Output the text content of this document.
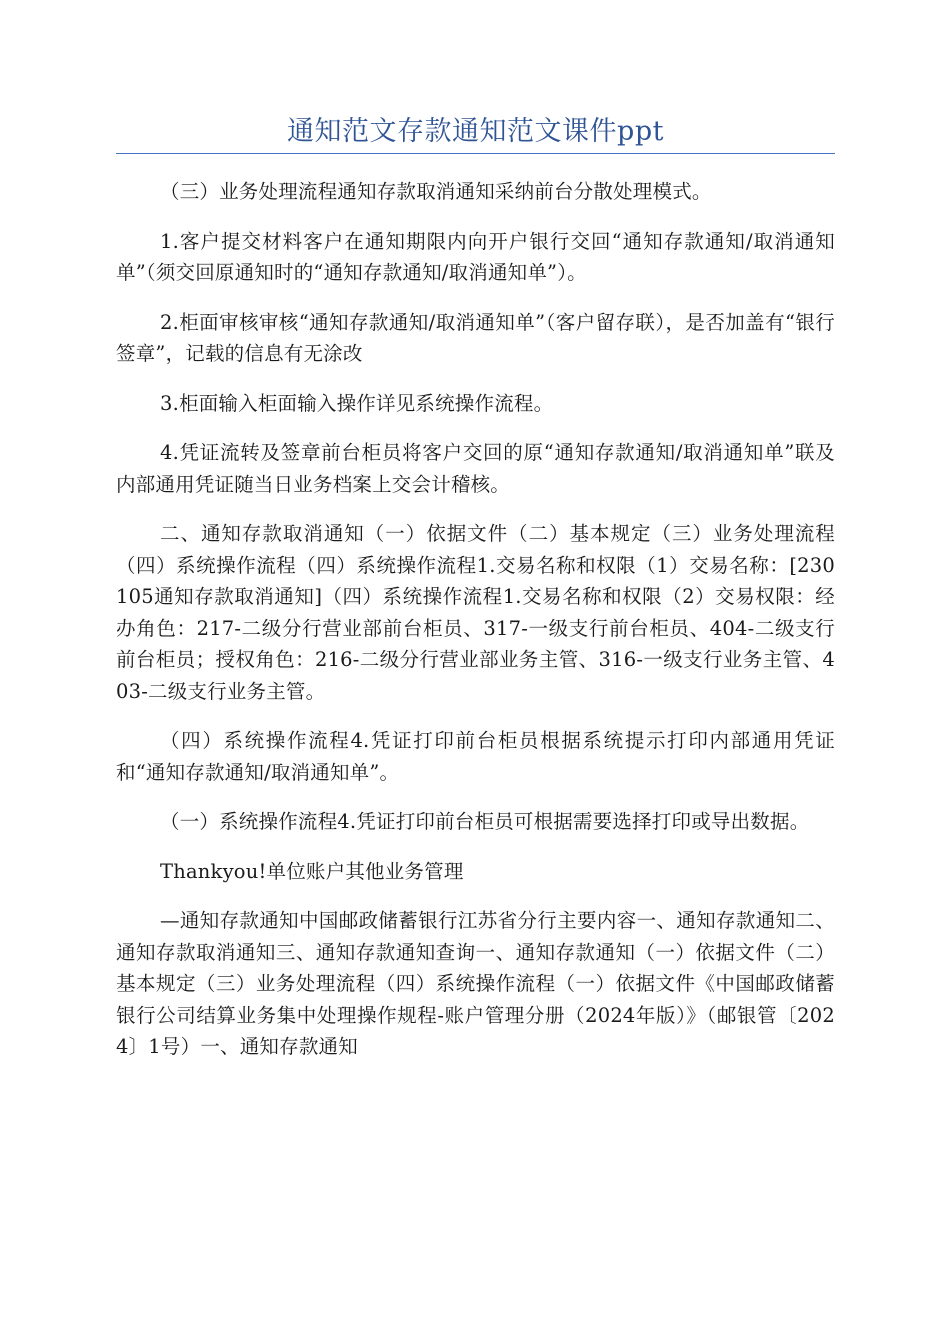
通知范文存款通知范文课件ppt

（三）业务处理流程通知存款取消通知采纳前台分散处理模式。

1.客户提交材料客户在通知期限内向开户银行交回“通知存款通知/取消通知单”（须交回原通知时的“通知存款通知/取消通知单”）。

2.柜面审核审核“通知存款通知/取消通知单”（客户留存联），是否加盖有“银行签章”，记载的信息有无涂改

3.柜面输入柜面输入操作详见系统操作流程。

4.凭证流转及签章前台柜员将客户交回的原“通知存款通知/取消通知单”联及内部通用凭证随当日业务档案上交会计稽核。

二、通知存款取消通知（一）依据文件（二）基本规定（三）业务处理流程（四）系统操作流程（四）系统操作流程1.交易名称和权限（1）交易名称：[230105通知存款取消通知]（四）系统操作流程1.交易名称和权限（2）交易权限：经办角色：217-二级分行营业部前台柜员、317-一级支行前台柜员、404-二级支行前台柜员；授权角色：216-二级分行营业部业务主管、316-一级支行业务主管、403-二级支行业务主管。

（四）系统操作流程4.凭证打印前台柜员根据系统提示打印内部通用凭证和“通知存款通知/取消通知单”。

（一）系统操作流程4.凭证打印前台柜员可根据需要选择打印或导出数据。

Thankyou!单位账户其他业务管理

—通知存款通知中国邮政储蓄银行江苏省分行主要内容一、通知存款通知二、通知存款取消通知三、通知存款通知查询一、通知存款通知（一）依据文件（二）基本规定（三）业务处理流程（四）系统操作流程（一）依据文件《中国邮政储蓄银行公司结算业务集中处理操作规程-账户管理分册（2024年版）》（邮银管〔2024〕1号）一、通知存款通知
